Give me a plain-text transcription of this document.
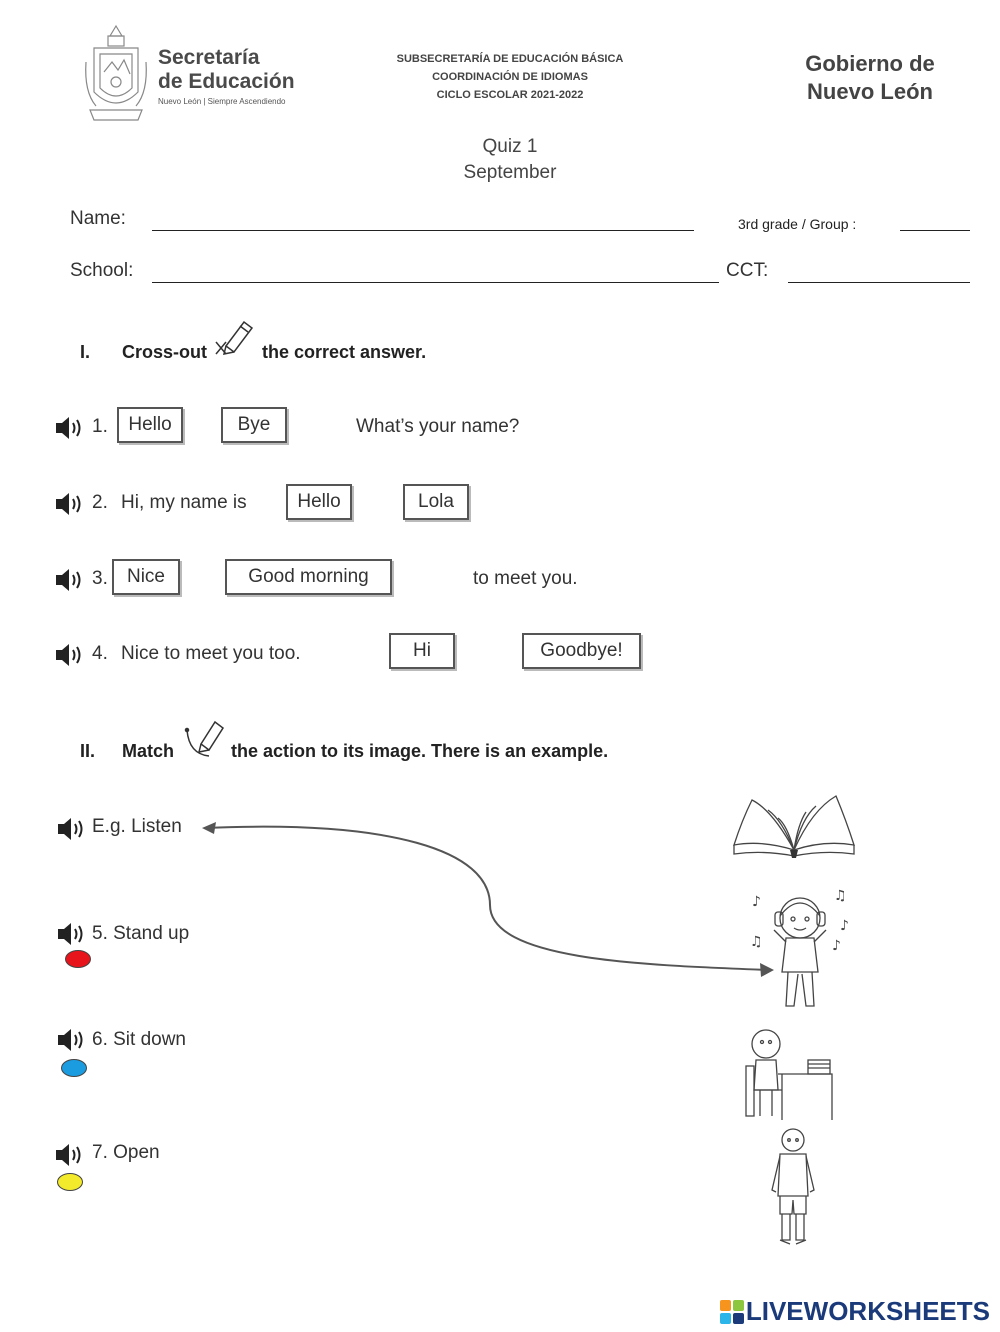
Secretaría
de Educación
Nuevo León | Siempre Ascendiendo
SUBSECRETARÍA DE EDUCACIÓN BÁSICA
COORDINACIÓN DE IDIOMAS
CICLO ESCOLAR 2021-2022
Gobierno de
Nuevo León
Quiz 1
September
Name:	3rd grade / Group :
School:	CCT:
I. Cross-out	the correct answer.
1.	Hello	Bye	What’s your name?
2. Hi, my name is	Hello	Lola
3.	Nice	Good morning	to meet you.
4. Nice to meet you too.	Hi	Goodbye!
II. Match	the action to its image. There is an example.
E.g. Listen
5. Stand up
6. Sit down
7. Open
♪	♫
♪
♫	♪
LIVEWORKSHEETS
